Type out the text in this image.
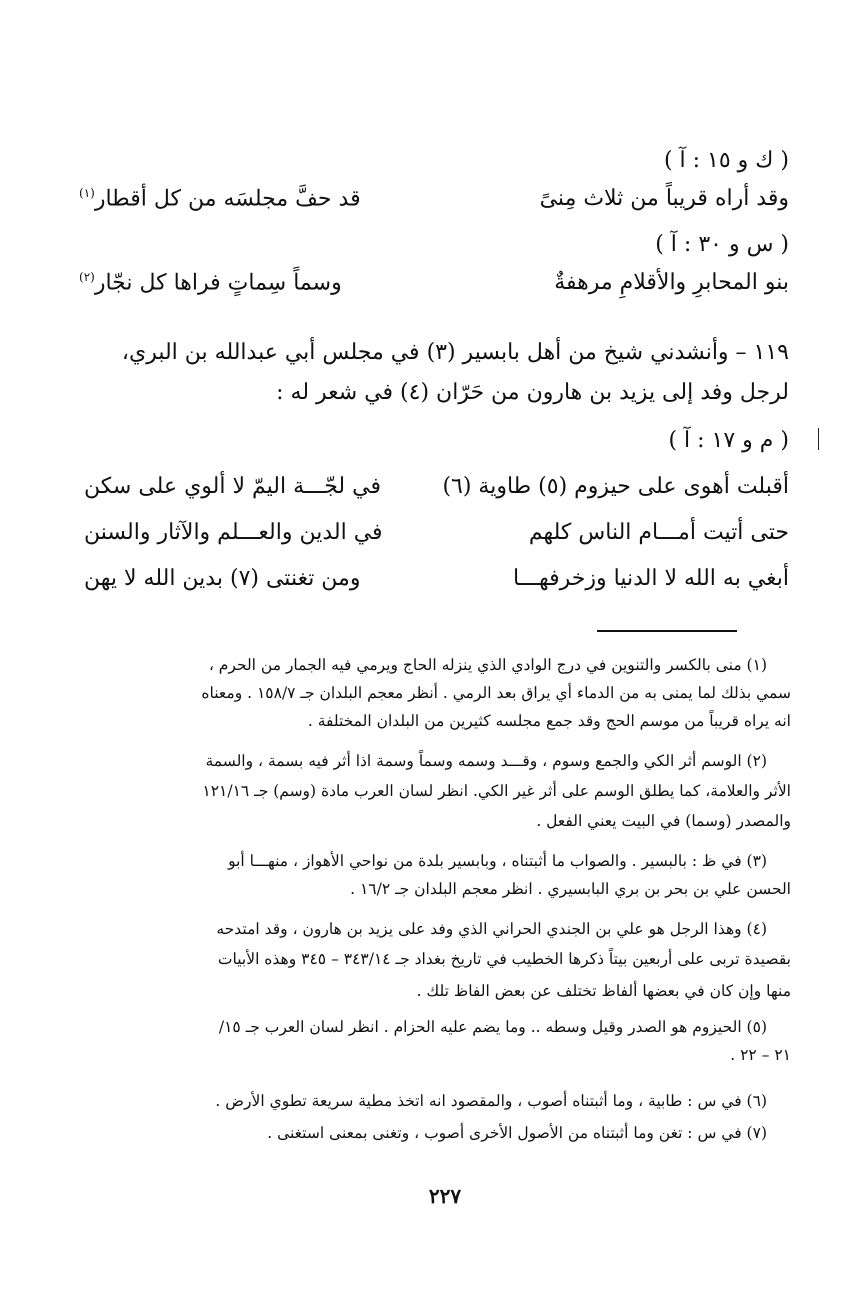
( ك و ١٥ : آ )
وقد أراه قريباً من ثلاث مِنىً
قد حفَّ مجلسَه من كل أقطار$^{(١)}$
( س و ٣٠ : آ )
بنو المحابرِ والأقلامِ مرهفةٌ
وسماً سِماتٍ فراها كل نجّار$^{(٢)}$
١١٩ – وأنشدني شيخ من أهل بابسير (٣) في مجلس أبي عبدالله بن البري،
لرجل وفد إلى يزيد بن هارون من حَرّان (٤) في شعر له :
( م و ١٧ : آ )
أقبلت أهوى على حيزوم (٥) طاوية (٦)
في لجّـــة اليمّ لا ألوي على سكن
حتى أتيت أمـــام الناس كلهم
في الدين والعـــلم والآثار والسنن
أبغي به الله لا الدنيا وزخرفهـــا
ومن تغنتى (٧) بدين الله لا يهن
(١) منى بالكسر والتنوين في درج الوادي الذي ينزله الحاج ويرمي فيه الجمار من الحرم ،
سمي بذلك لما يمنى به من الدماء أي يراق بعد الرمي . أنظر معجم البلدان جـ ١٥٨/٧ . ومعناه
انه يراه قريباً من موسم الحج وقد جمع مجلسه كثيرين من البلدان المختلفة .
(٢) الوسم أثر الكي والجمع وسوم ، وقـــد وسمه وسماً وسمة اذا أثر فيه بسمة ، والسمة
الأثر والعلامة، كما يطلق الوسم على أثر غير الكي. انظر لسان العرب مادة (وسم) جـ ١٢١/١٦
والمصدر (وسما) في البيت يعني الفعل .
(٣) في ظ : بالبسير . والصواب ما أثبتناه ، وبابسير بلدة من نواحي الأهواز ، منهـــا أبو
الحسن علي بن بحر بن بري البابسيري . انظر معجم البلدان جـ ١٦/٢ .
(٤) وهذا الرجل هو علي بن الجندي الحراني الذي وفد على يزيد بن هارون ، وقد امتدحه
بقصيدة تربى على أربعين بيتاً ذكرها الخطيب في تاريخ بغداد جـ ٣٤٣/١٤ – ٣٤٥ وهذه الأبيات
منها وإن كان في بعضها ألفاظ تختلف عن بعض الفاظ تلك .
(٥) الحيزوم هو الصدر وقيل وسطه .. وما يضم عليه الحزام . انظر لسان العرب جـ ١٥/
٢١ – ٢٢ .
(٦) في س : طابية ، وما أثبتناه أصوب ، والمقصود انه اتخذ مطية سريعة تطوي الأرض .
(٧) في س : تغن وما أثبتناه من الأصول الأخرى أصوب ، وتغنى بمعنى استغنى .
٢٢٧
